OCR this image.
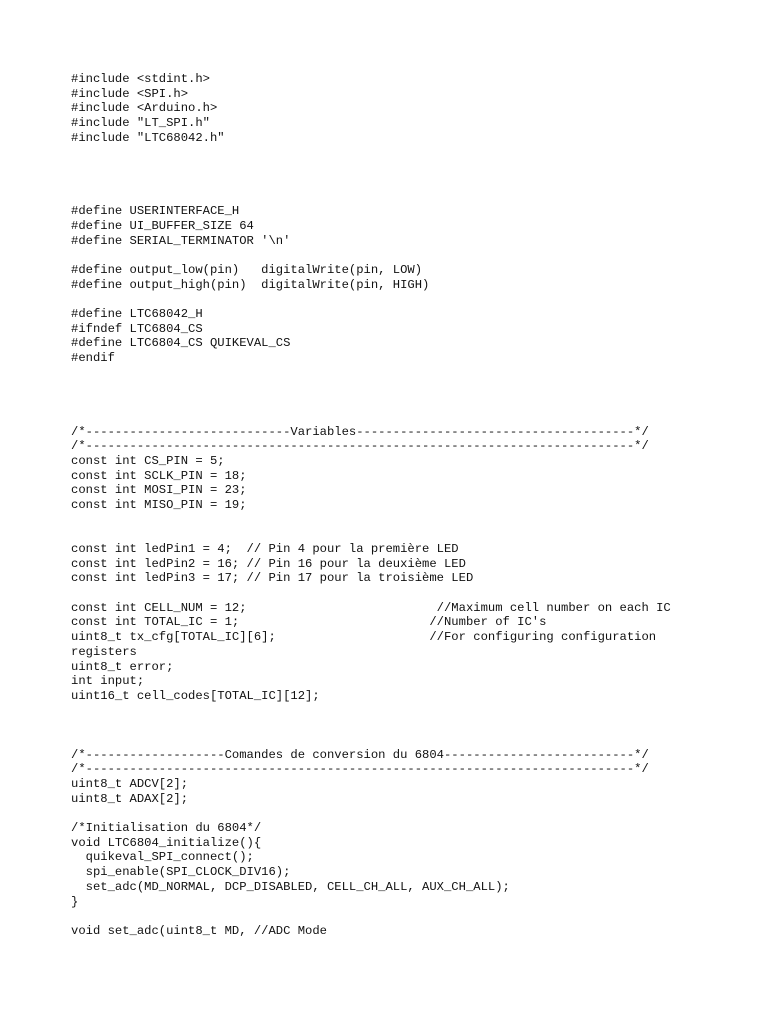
#include <stdint.h>
#include <SPI.h>
#include <Arduino.h>
#include "LT_SPI.h"
#include "LTC68042.h"
#define USERINTERFACE_H
#define UI_BUFFER_SIZE 64
#define SERIAL_TERMINATOR '\n'
#define output_low(pin)   digitalWrite(pin, LOW)
#define output_high(pin)  digitalWrite(pin, HIGH)
#define LTC68042_H
#ifndef LTC6804_CS
#define LTC6804_CS QUIKEVAL_CS
#endif
/*----------------------------Variables--------------------------------------*/
/*---------------------------------------------------------------------------*/
const int CS_PIN = 5;
const int SCLK_PIN = 18;
const int MOSI_PIN = 23;
const int MISO_PIN = 19;
const int ledPin1 = 4;  // Pin 4 pour la première LED
const int ledPin2 = 16; // Pin 16 pour la deuxième LED
const int ledPin3 = 17; // Pin 17 pour la troisième LED
const int CELL_NUM = 12;                          //Maximum cell number on each IC
const int TOTAL_IC = 1;                          //Number of IC's
uint8_t tx_cfg[TOTAL_IC][6];                     //For configuring configuration
registers
uint8_t error;
int input;
uint16_t cell_codes[TOTAL_IC][12];
/*-------------------Comandes de conversion du 6804--------------------------*/
/*---------------------------------------------------------------------------*/
uint8_t ADCV[2];
uint8_t ADAX[2];
/*Initialisation du 6804*/
void LTC6804_initialize(){
quikeval_SPI_connect();
spi_enable(SPI_CLOCK_DIV16);
set_adc(MD_NORMAL, DCP_DISABLED, CELL_CH_ALL, AUX_CH_ALL);
}
void set_adc(uint8_t MD, //ADC Mode
